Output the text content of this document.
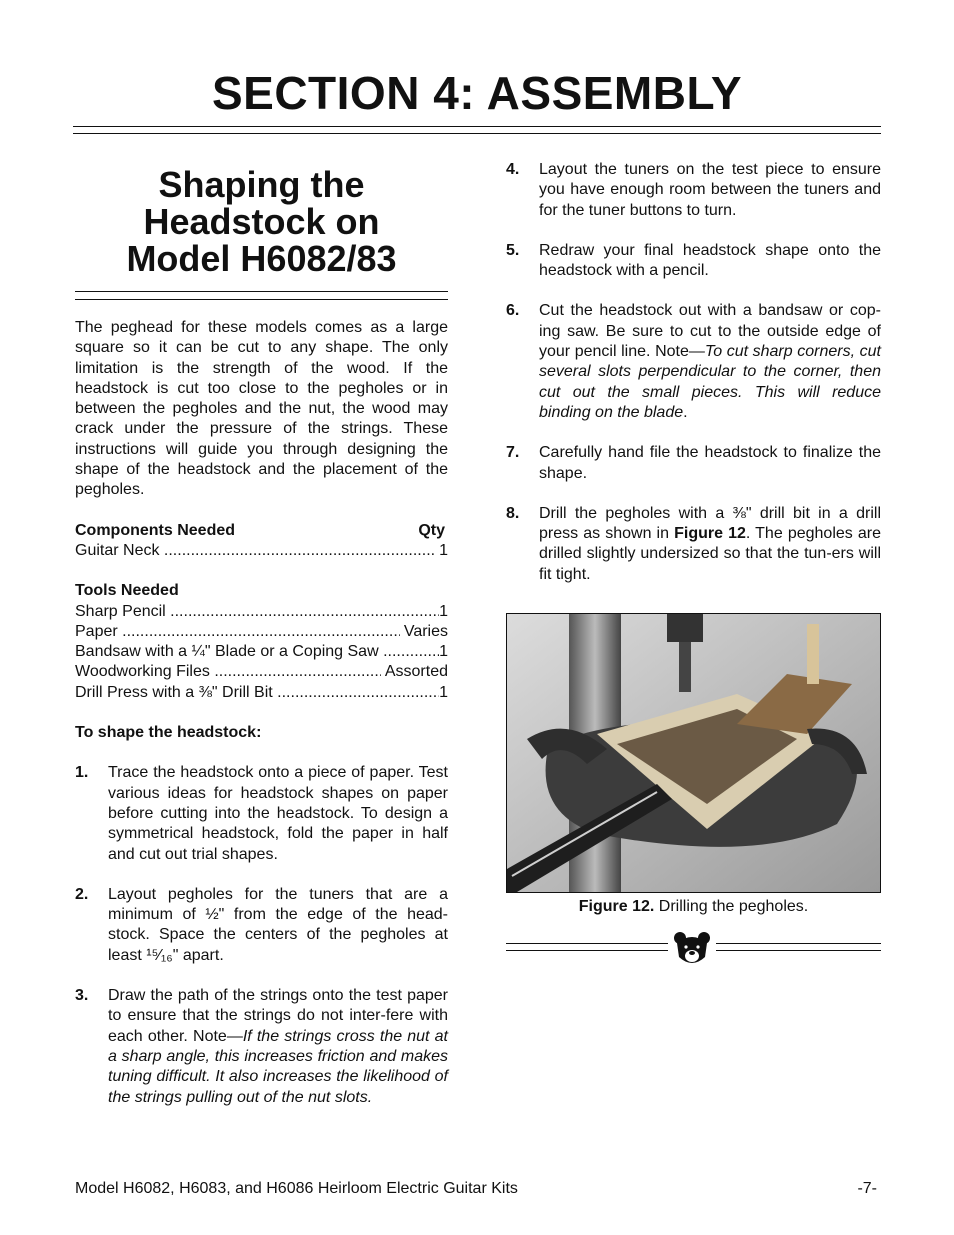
SECTION 4: ASSEMBLY
Shaping the
Headstock on
Model H6082/83
The peghead for these models comes as a large square so it can be cut to any shape. The only limitation is the strength of the wood. If the headstock is cut too close to the pegholes or in between the pegholes and the nut, the wood may crack under the pressure of the strings. These instructions will guide you through designing the shape of the headstock and the placement of the pegholes.
Components Needed	Qty
Guitar Neck .....	1
Tools Needed
Sharp Pencil .....	1
Paper .....	Varies
Bandsaw with a ¼" Blade or a Coping Saw .....	1
Woodworking Files .....	Assorted
Drill Press with a ⅜" Drill Bit .....	1
To shape the headstock:
1.	Trace the headstock onto a piece of paper. Test various ideas for headstock shapes on paper before cutting into the headstock. To design a symmetrical headstock, fold the paper in half and cut out trial shapes.
2.	Layout pegholes for the tuners that are a minimum of ½" from the edge of the head-stock. Space the centers of the pegholes at least ¹⁵⁄₁₆" apart.
3.	Draw the path of the strings onto the test paper to ensure that the strings do not inter-fere with each other. Note—If the strings cross the nut at a sharp angle, this increases friction and makes tuning difficult. It also increases the likelihood of the strings pulling out of the nut slots.
4.	Layout the tuners on the test piece to ensure you have enough room between the tuners and for the tuner buttons to turn.
5.	Redraw your final headstock shape onto the headstock with a pencil.
6.	Cut the headstock out with a bandsaw or cop-ing saw. Be sure to cut to the outside edge of your pencil line. Note—To cut sharp corners, cut several slots perpendicular to the corner, then cut out the small pieces. This will reduce binding on the blade.
7.	Carefully hand file the headstock to finalize the shape.
8.	Drill the pegholes with a ⅜" drill bit in a drill press as shown in Figure 12. The pegholes are drilled slightly undersized so that the tun-ers will fit tight.
Figure 12. Drilling the pegholes.
Model H6082, H6083, and H6086 Heirloom Electric Guitar Kits	-7-
